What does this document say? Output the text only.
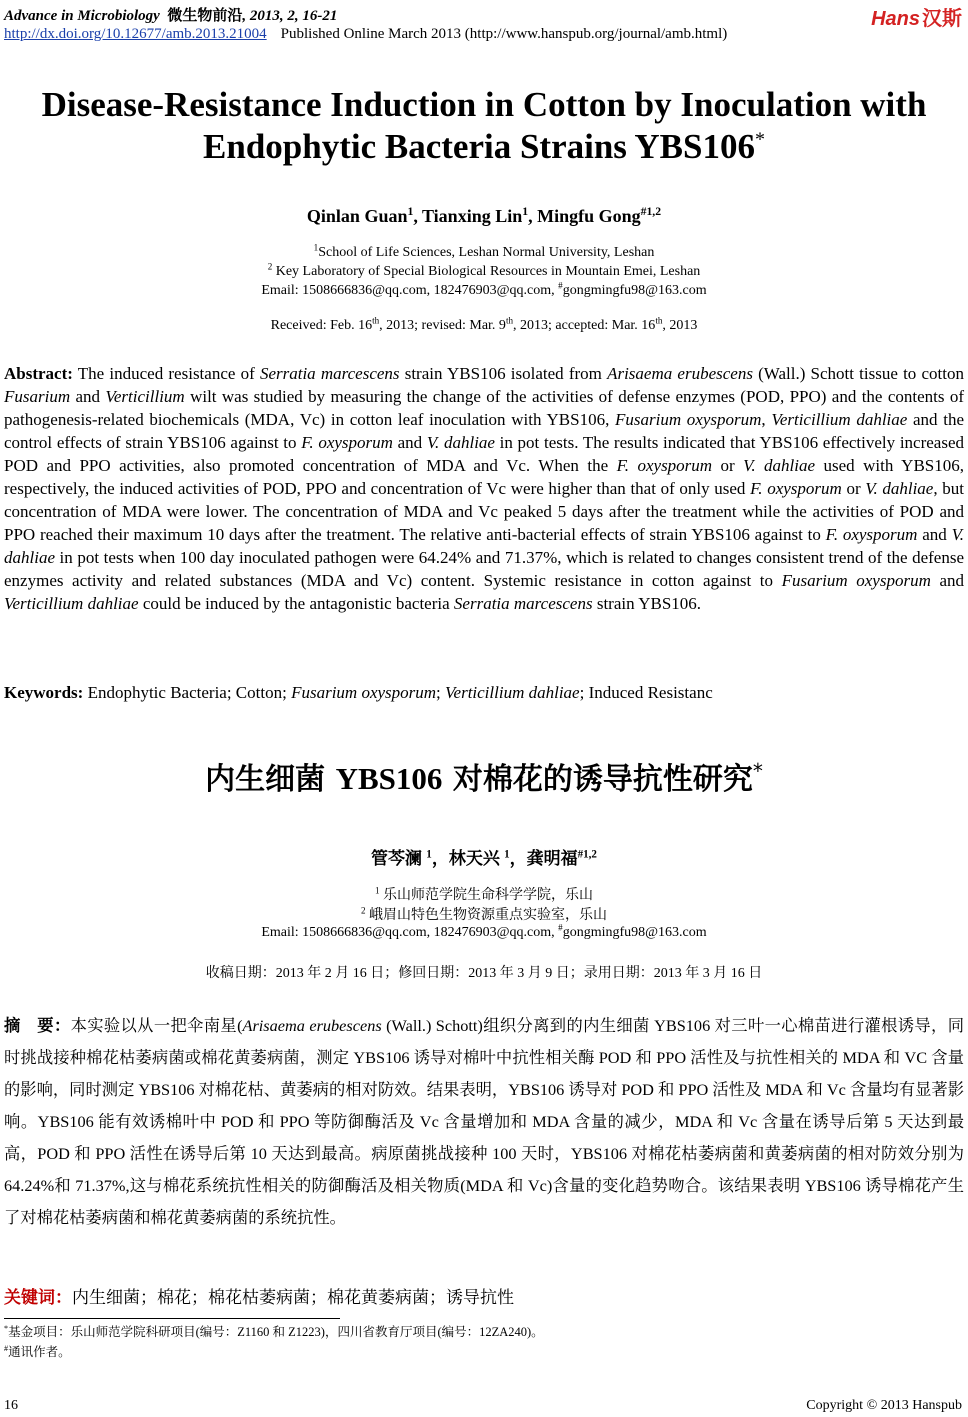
Advance in Microbiology 微生物前沿, 2013, 2, 16-21
http://dx.doi.org/10.12677/amb.2013.21004 Published Online March 2013 (http://www.hanspub.org/journal/amb.html)
Hans 汉斯
Disease-Resistance Induction in Cotton by Inoculation with
Endophytic Bacteria Strains YBS106*
Qinlan Guan$^1$, Tianxing Lin$^1$, Mingfu Gong$^{\#1,2}$
$^1$School of Life Sciences, Leshan Normal University, Leshan
$^2$ Key Laboratory of Special Biological Resources in Mountain Emei, Leshan
Email: 1508666836@qq.com, 182476903@qq.com, #gongmingfu98@163.com
Received: Feb. 16th, 2013; revised: Mar. 9th, 2013; accepted: Mar. 16th, 2013
Abstract: The induced resistance of Serratia marcescens strain YBS106 isolated from Arisaema erubescens (Wall.) Schott tissue to cotton Fusarium and Verticillium wilt was studied by measuring the change of the activities of defense enzymes (POD, PPO) and the contents of pathogenesis-related biochemicals (MDA, Vc) in cotton leaf inoculation with YBS106, Fusarium oxysporum, Verticillium dahliae and the control effects of strain YBS106 against to F. oxysporum and V. dahliae in pot tests. The results indicated that YBS106 effectively increased POD and PPO activities, also promoted concentration of MDA and Vc. When the F. oxysporum or V. dahliae used with YBS106, respectively, the induced activities of POD, PPO and concentration of Vc were higher than that of only used F. oxysporum or V. dahliae, but concentration of MDA were lower. The concentration of MDA and Vc peaked 5 days after the treatment while the activities of POD and PPO reached their maximum 10 days after the treatment. The relative anti-bacterial effects of strain YBS106 against to F. oxysporum and V. dahliae in pot tests when 100 day inoculated pathogen were 64.24% and 71.37%, which is related to changes consistent trend of the defense enzymes activity and related substances (MDA and Vc) content. Systemic resistance in cotton against to Fusarium oxysporum and Verticillium dahliae could be induced by the antagonistic bacteria Serratia marcescens strain YBS106.
Keywords: Endophytic Bacteria; Cotton; Fusarium oxysporum; Verticillium dahliae; Induced Resistanc
内生细菌 YBS106 对棉花的诱导抗性研究*
管芩澜 $^1$，林天兴 $^1$，龚明福$^{\#1,2}$
$^1$ 乐山师范学院生命科学学院，乐山
$^2$ 峨眉山特色生物资源重点实验室，乐山
Email: 1508666836@qq.com, 182476903@qq.com, #gongmingfu98@163.com
收稿日期：2013 年 2 月 16 日；修回日期：2013 年 3 月 9 日；录用日期：2013 年 3 月 16 日
摘　要：本实验以从一把伞南星(Arisaema erubescens (Wall.) Schott)组织分离到的内生细菌 YBS106 对三叶一心棉苗进行灌根诱导，同时挑战接种棉花枯萎病菌或棉花黄萎病菌，测定 YBS106 诱导对棉叶中抗性相关酶 POD 和 PPO 活性及与抗性相关的 MDA 和 VC 含量的影响，同时测定 YBS106 对棉花枯、黄萎病的相对防效。结果表明，YBS106 诱导对 POD 和 PPO 活性及 MDA 和 Vc 含量均有显著影响。YBS106 能有效诱棉叶中 POD 和 PPO 等防御酶活及 Vc 含量增加和 MDA 含量的减少，MDA 和 Vc 含量在诱导后第 5 天达到最高，POD 和 PPO 活性在诱导后第 10 天达到最高。病原菌挑战接种 100 天时，YBS106 对棉花枯萎病菌和黄萎病菌的相对防效分别为 64.24%和 71.37%,这与棉花系统抗性相关的防御酶活及相关物质(MDA 和 Vc)含量的变化趋势吻合。该结果表明 YBS106 诱导棉花产生了对棉花枯萎病菌和棉花黄萎病菌的系统抗性。
关键词：内生细菌；棉花；棉花枯萎病菌；棉花黄萎病菌；诱导抗性
*基金项目：乐山师范学院科研项目(编号：Z1160 和 Z1223)，四川省教育厅项目(编号：12ZA240)。
#通讯作者。
16	Copyright © 2013 Hanspub
